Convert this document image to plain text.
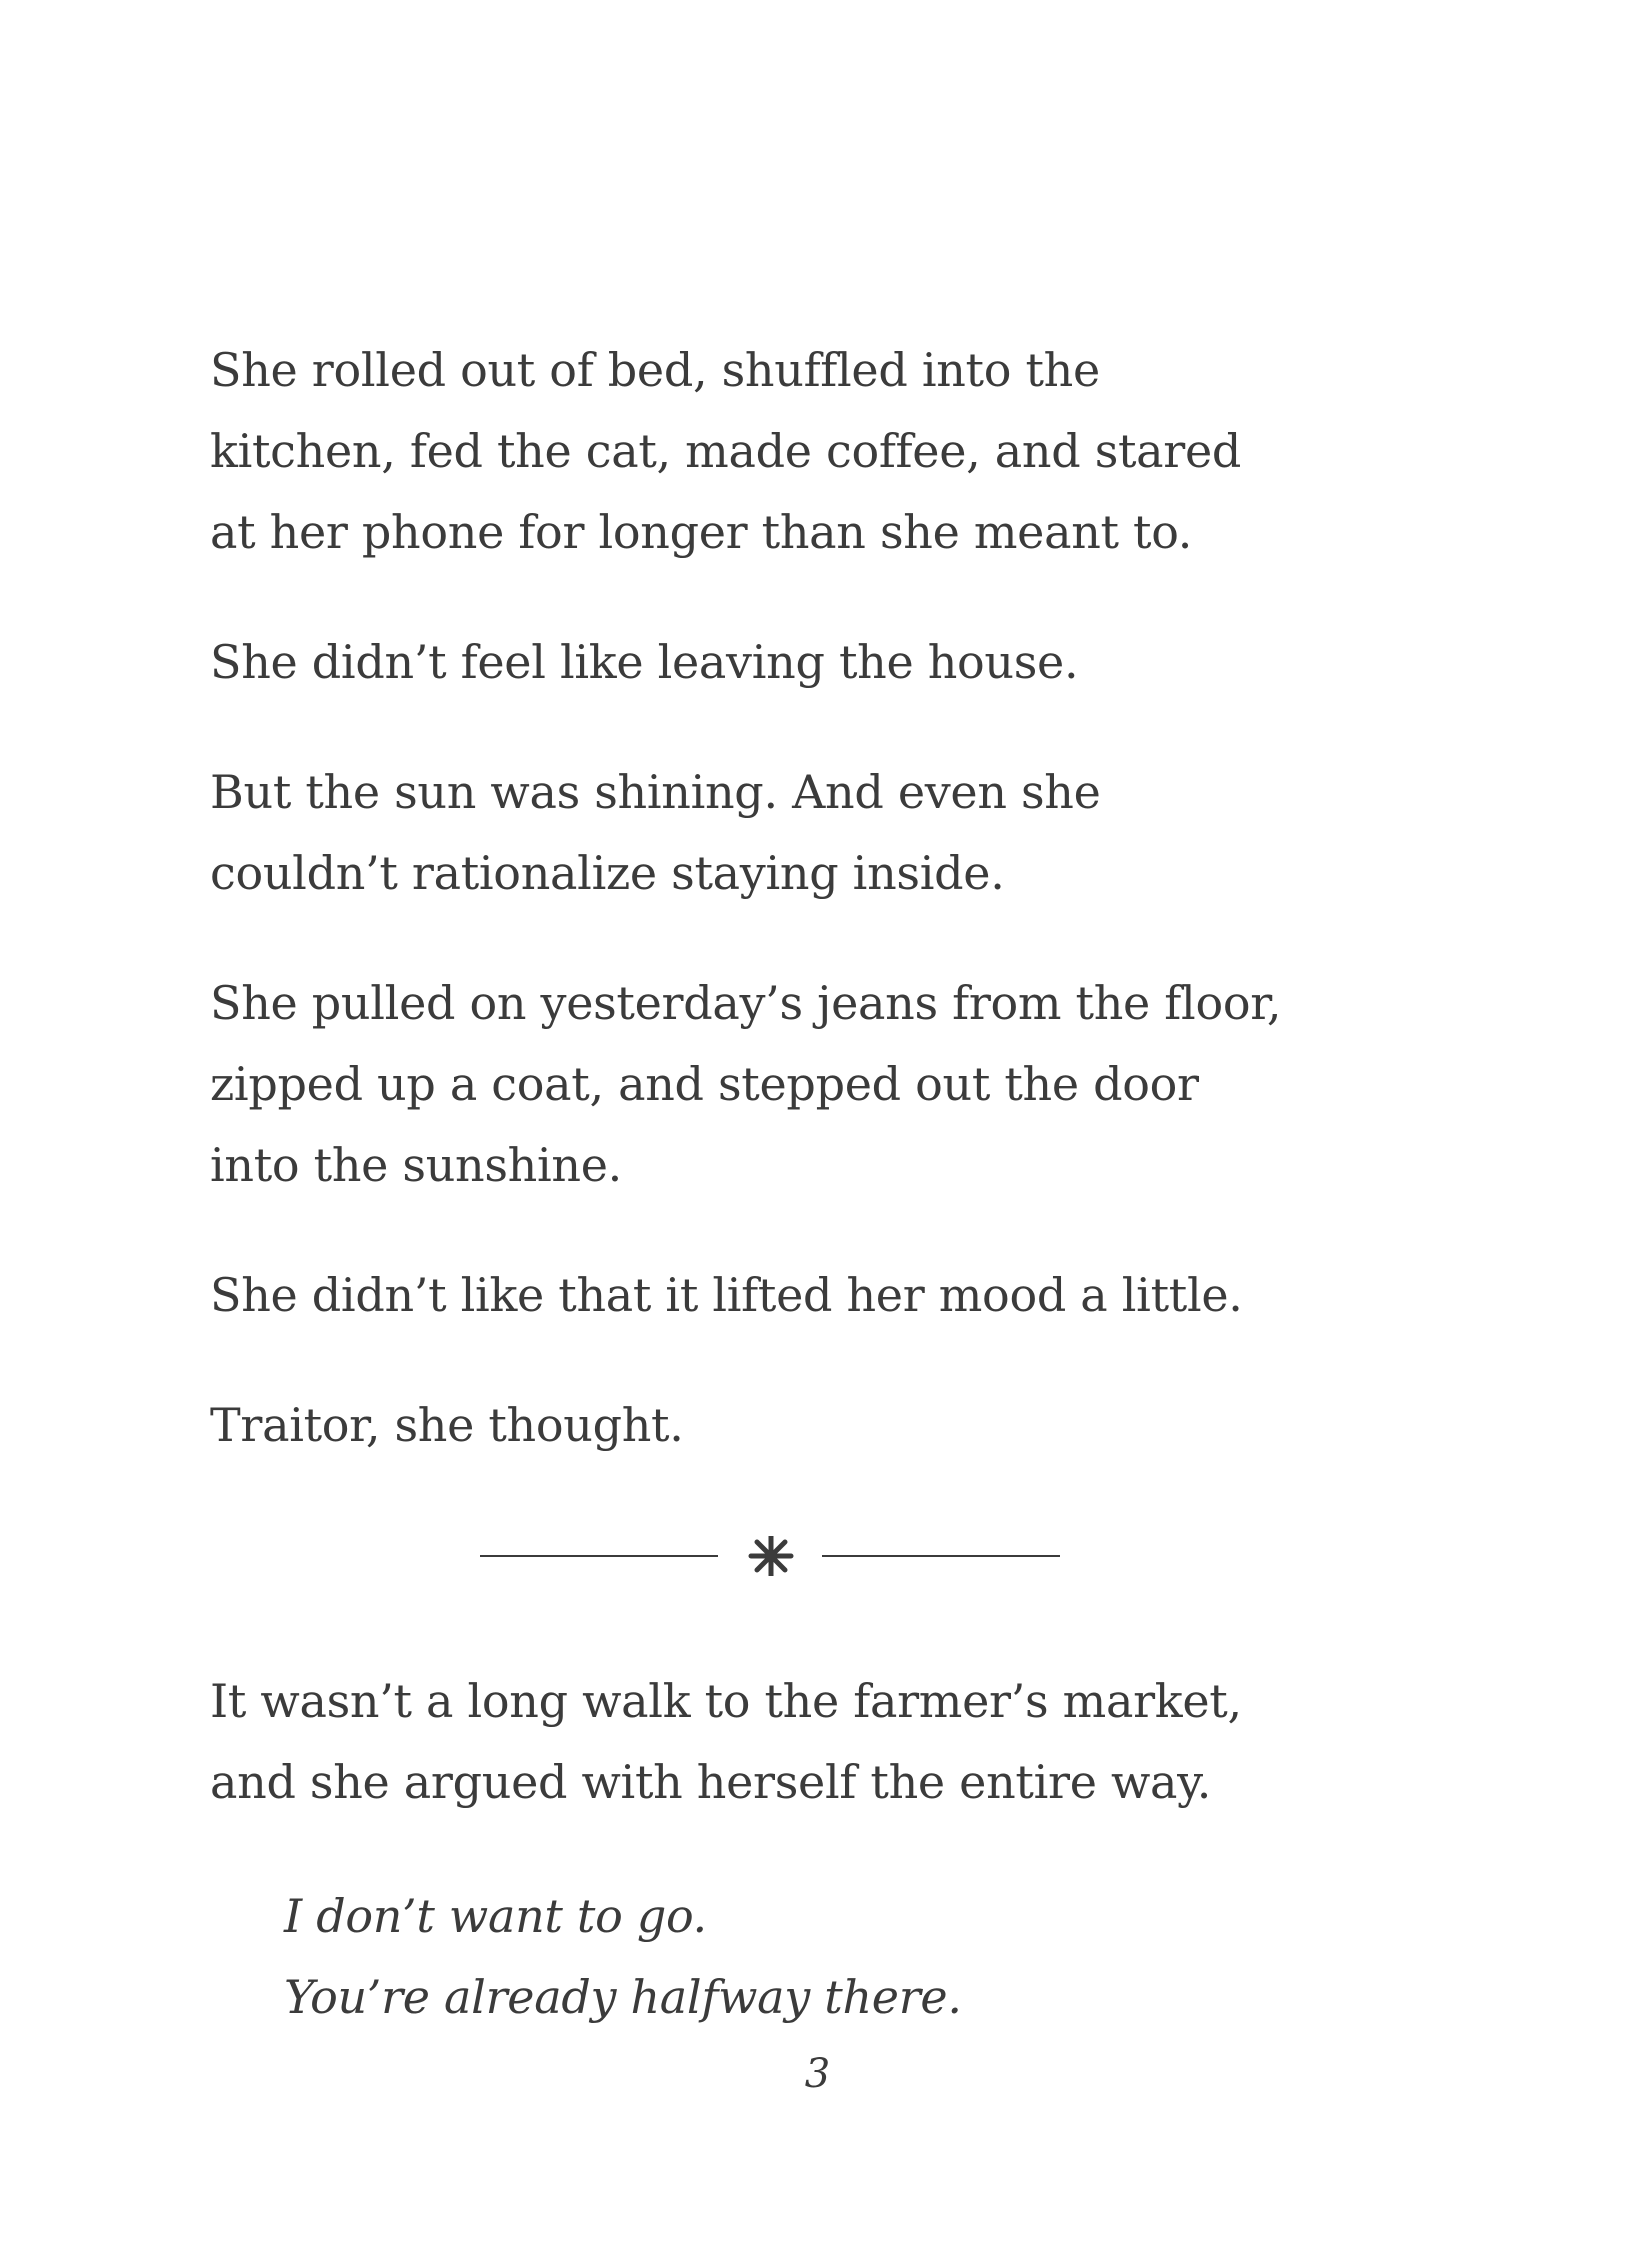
She rolled out of bed, shuffled into the
kitchen, fed the cat, made coffee, and stared
at her phone for longer than she meant to.

She didn’t feel like leaving the house.

But the sun was shining. And even she
couldn’t rationalize staying inside.

She pulled on yesterday’s jeans from the floor,
zipped up a coat, and stepped out the door
into the sunshine.

She didn’t like that it lifted her mood a little.

Traitor, she thought.

It wasn’t a long walk to the farmer’s market,
and she argued with herself the entire way.

I don’t want to go.
You’re already halfway there.

3
